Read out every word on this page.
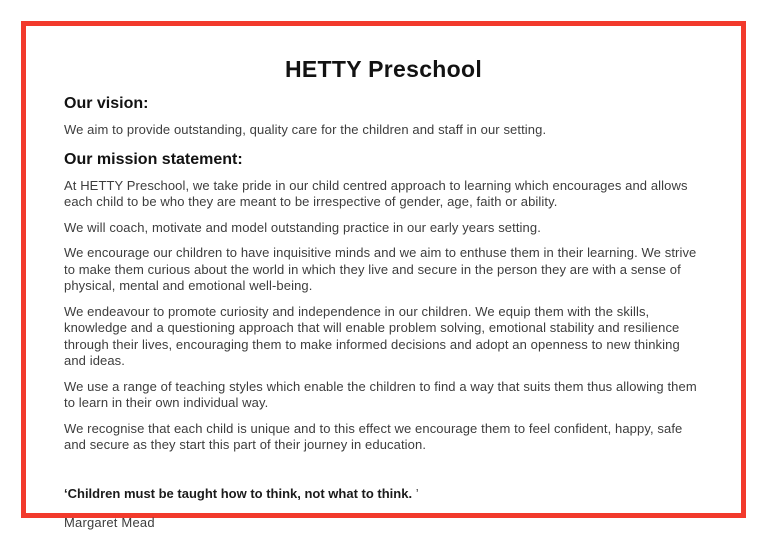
HETTY Preschool
Our vision:

We aim to provide outstanding, quality care for the children and staff in our setting.

Our mission statement:

At HETTY Preschool, we take pride in our child centred approach to learning which encourages and allows each child to be who they are meant to be irrespective of gender, age, faith or ability.

We will coach, motivate and model outstanding practice in our early years setting.

We encourage our children to have inquisitive minds and we aim to enthuse them in their learning. We strive to make them curious about the world in which they live and secure in the person they are with a sense of physical, mental and emotional well-being.

We endeavour to promote curiosity and independence in our children. We equip them with the skills, knowledge and a questioning approach that will enable problem solving, emotional stability and resilience through their lives, encouraging them to make informed decisions and adopt an openness to new thinking and ideas.

We use a range of teaching styles which enable the children to find a way that suits them thus allowing them to learn in their own individual way.

We recognise that each child is unique and to this effect we encourage them to feel confident, happy, safe and secure as they start this part of their journey in education.

‘Children must be taught how to think, not what to think. ’

Margaret Mead
